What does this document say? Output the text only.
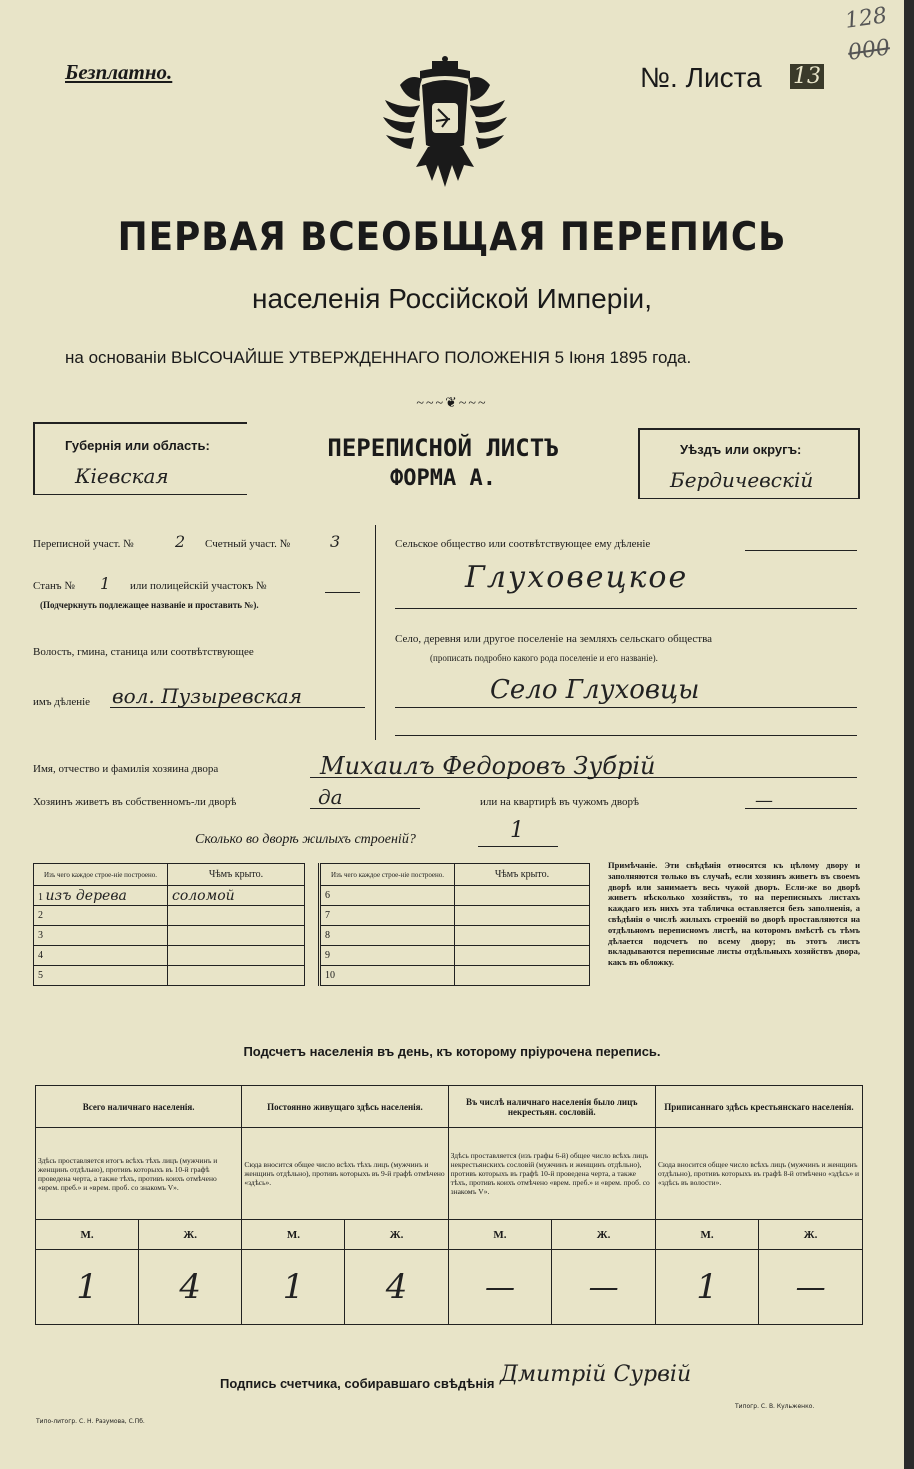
Безплатно.	№. Листа 13
128
000
ПЕРВАЯ ВСЕОБЩАЯ ПЕРЕПИСЬ
населенія Россійской Имперіи,
на основаніи ВЫСОЧАЙШЕ УТВЕРЖДЕННАГО ПОЛОЖЕНІЯ 5 Іюня 1895 года.
~~~❦~~~
Губернія или область:
Кіевская
ПЕРЕПИСНОЙ ЛИСТЪ
ФОРМА А.
Уѣздъ или округъ:
Бердичевскій
Переписной участ. №	2 Счетный участ. № 3
Станъ № 1 или полицейскій участокъ №
(Подчеркнуть подлежащее названіе и проставить №).
Волость, гмина, станица или соотвѣтствующее
имъ дѣленіе вол. Пузыревская
Сельское общество или соотвѣтствующее ему дѣленіе
Глуховецкое
Село, деревня или другое поселеніе на земляхъ сельскаго общества
(прописать подробно какого рода поселеніе и его названіе).
Село Глуховцы
Имя, отчество и фамилія хозяина двора	Михаилъ Федоровъ Зубрій
Хозяинъ живетъ въ собственномъ-ли дворѣ	да	или на квартирѣ въ чужомъ дворѣ	—
Сколько во дворѣ жилыхъ строеній?	1
Изъ чего каждое строе-ніе построено.	Чѣмъ крыто.
1 изъ дерева	соломой
2	
3	
4	
5	
Изъ чего каждое строе-ніе построено.	Чѣмъ крыто.
6	
7	
8	
9	
10	
Примѣчаніе. Эти свѣдѣнія относятся къ цѣлому двору и заполняются только въ случаѣ, если хозяинъ живетъ въ своемъ дворѣ или занимаетъ весь чужой дворъ. Если-же во дворѣ живетъ нѣсколько хозяйствъ, то на переписныхъ листахъ каждаго изъ нихъ эта табличка оставляется безъ заполненія, а свѣдѣнія о числѣ жилыхъ строеній во дворѣ проставляются на отдѣльномъ переписномъ листѣ, на которомъ вмѣстѣ съ тѣмъ дѣлается подсчетъ по всему двору; въ этотъ листъ вкладываются переписные листы отдѣльныхъ хозяйствъ двора, какъ въ обложку.
Подсчетъ населенія въ день, къ которому пріурочена перепись.
Всего наличнаго населенія.		Постоянно живущаго здѣсь населенія.		Въ числѣ наличнаго населенія было лицъ некрестьян. сословій.		Приписаннаго здѣсь крестьянскаго населенія.	
Здѣсь проставляется итогъ всѣхъ тѣхъ лицъ (мужчинъ и женщинъ отдѣльно), противъ которыхъ въ 10-й графѣ проведена черта, а также тѣхъ, противъ коихъ отмѣчено «врем. преб.» и «врем. проб. со знакомъ V».		Сюда вносится общее число всѣхъ тѣхъ лицъ (мужчинъ и женщинъ отдѣльно), противъ которыхъ въ 9-й графѣ отмѣчено «здѣсь».		Здѣсь проставляется (изъ графы 6-й) общее число всѣхъ лицъ некрестьянскихъ сословій (мужчинъ и женщинъ отдѣльно), противъ которыхъ въ графѣ 10-й проведена черта, а также тѣхъ, противъ коихъ отмѣчено «врем. преб.» и «врем. проб. со знакомъ V».		Сюда вносится общее число всѣхъ лицъ (мужчинъ и женщинъ отдѣльно), противъ которыхъ въ графѣ 8-й отмѣчено «здѣсь» и «здѣсь въ волости».	
М.	Ж.	М.	Ж.	М.	Ж.	М.	Ж.
1	4	1	4	—	—	1	—
Подпись счетчика, собиравшаго свѣдѣнія Дмитрій Сурвій
Типо-литогр. С. Н. Разумова, С.Пб.
Типогр. С. В. Кульженко.
